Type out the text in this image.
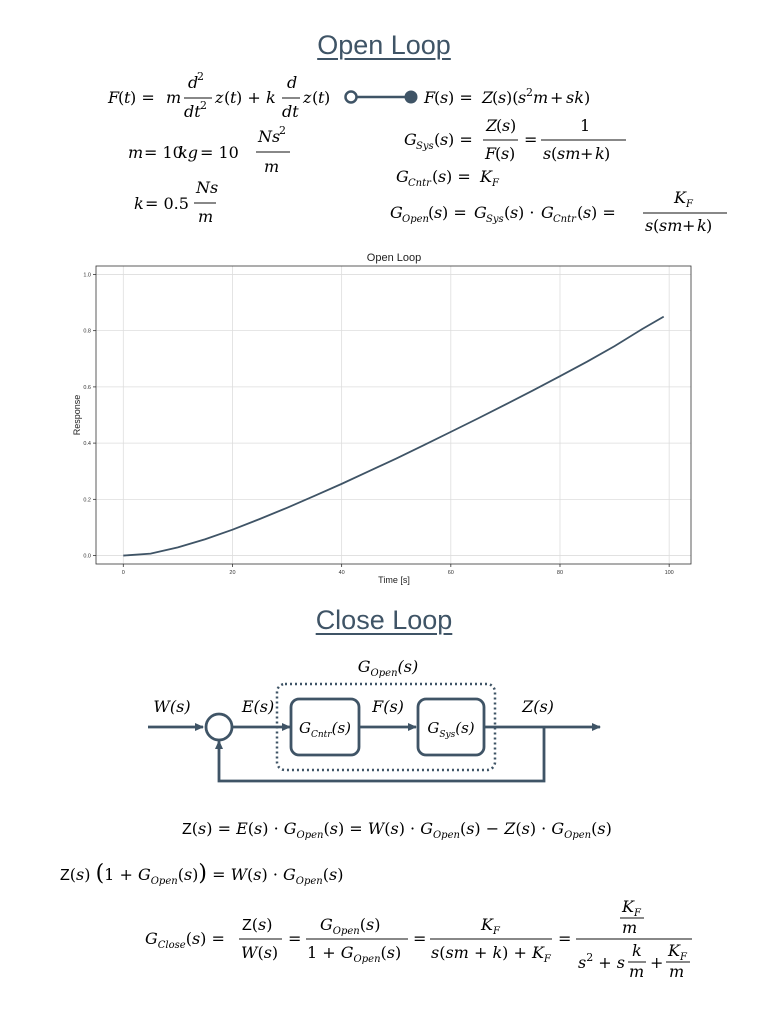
Open Loop
Close Loop
F
( t ) = m
d
2
dt 2 z ( t ) + k
d
dt
z ( t )	F
( s ) = Z
( s )( s 2 m + sk )
m = 10
kg = 10
Ns
2
m
k = 0.5
Ns
m
G Sys ( s ) =
Z
( s )
F
( s )
=
1
s ( sm + k )
G Cntr ( s ) = K F
G Open ( s ) = G Sys ( s ) · G Cntr ( s ) =
K F
s ( sm + k )
Open Loop
0	20	40	60	80	100
0.0
0.2
0.4
0.6
0.8
1.0
Time [s]
Response
$G_{Open}(s)$
W(s)	E(s)	F(s)	Z(s)
$G_{Cntr}(s)$	$G_{Sys}(s)$
$Z(s) = E(s) \cdot G_{Open}(s) = W(s) \cdot G_{Open}(s) - Z(s) \cdot G_{Open}(s)$
Z(s) $(1 + G_{Open}(s)) = W(s) \cdot G_{Open}(s)$
$G_{Close}(s)$ =
Z(s)
W(s)
=
$G_{Open}(s)$
$1 + G_{Open}(s)$
=
$K_F$
$s(sm + k) + K_F$
=
$K_F$
m
$s^2 + s$
k
m +
$K_F$
m
